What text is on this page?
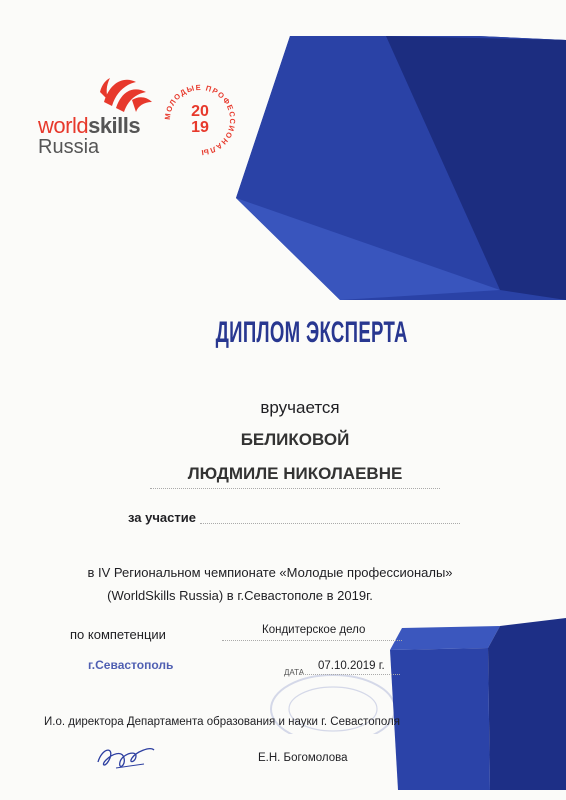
worldskills
Russia
МОЛОДЫЕ ПРОФЕССИОНАЛЫ
20
19
ДИПЛОМ ЭКСПЕРТА
вручается
БЕЛИКОВОЙ
ЛЮДМИЛЕ НИКОЛАЕВНЕ
за участие
в IV Региональном чемпионате «Молодые профессионалы»
(WorldSkills Russia) в г.Севастополе в 2019г.
по компетенции	Кондитерское дело
г.Севастополь
ДАТА
07.10.2019 г.
И.о. директора Департамента образования и науки г. Севастополя
Е.Н. Богомолова
